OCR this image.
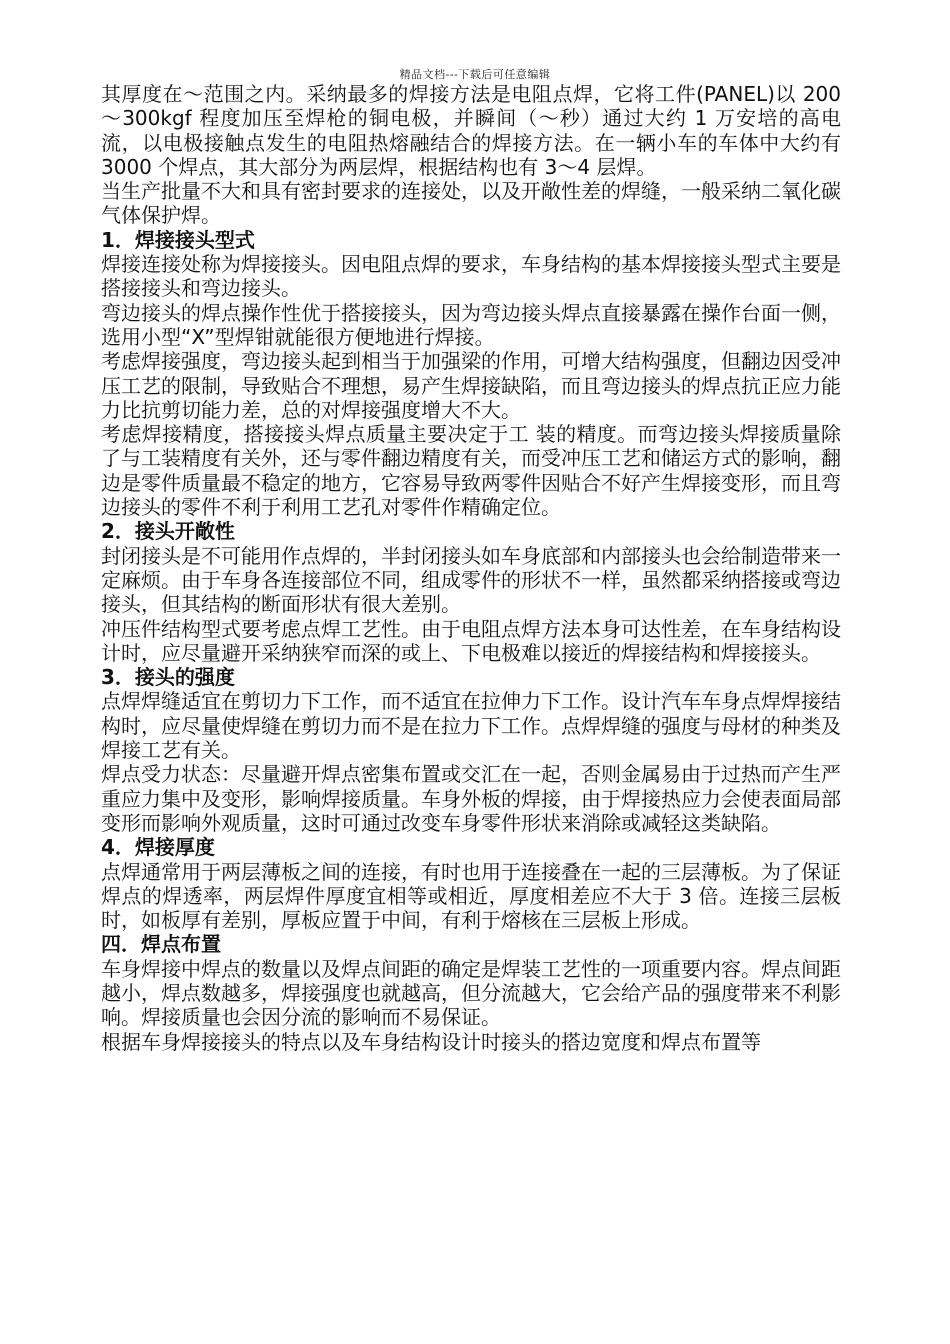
精品文档---下载后可任意编辑

其厚度在～范围之内。采纳最多的焊接方法是电阻点焊，它将工件(PANEL)以 200～300kgf 程度加压至焊枪的铜电极，并瞬间（～秒）通过大约 1 万安培的高电流，以电极接触点发生的电阻热熔融结合的焊接方法。在一辆小车的车体中大约有 3000 个焊点，其大部分为两层焊，根据结构也有 3～4 层焊。

当生产批量不大和具有密封要求的连接处，以及开敞性差的焊缝，一般采纳二氧化碳气体保护焊。

1．焊接接头型式

焊接连接处称为焊接接头。因电阻点焊的要求，车身结构的基本焊接接头型式主要是搭接接头和弯边接头。

弯边接头的焊点操作性优于搭接接头，因为弯边接头焊点直接暴露在操作台面一侧，选用小型“X”型焊钳就能很方便地进行焊接。

考虑焊接强度，弯边接头起到相当于加强梁的作用，可增大结构强度，但翻边因受冲压工艺的限制，导致贴合不理想，易产生焊接缺陷，而且弯边接头的焊点抗正应力能力比抗剪切能力差，总的对焊接强度增大不大。

考虑焊接精度，搭接接头焊点质量主要决定于工 装的精度。而弯边接头焊接质量除了与工装精度有关外，还与零件翻边精度有关，而受冲压工艺和储运方式的影响，翻边是零件质量最不稳定的地方，它容易导致两零件因贴合不好产生焊接变形，而且弯边接头的零件不利于利用工艺孔对零件作精确定位。

2．接头开敞性

封闭接头是不可能用作点焊的，半封闭接头如车身底部和内部接头也会给制造带来一定麻烦。由于车身各连接部位不同，组成零件的形状不一样，虽然都采纳搭接或弯边接头，但其结构的断面形状有很大差别。

冲压件结构型式要考虑点焊工艺性。由于电阻点焊方法本身可达性差，在车身结构设计时，应尽量避开采纳狭窄而深的或上、下电极难以接近的焊接结构和焊接接头。

3．接头的强度

点焊焊缝适宜在剪切力下工作，而不适宜在拉伸力下工作。设计汽车车身点焊焊接结构时，应尽量使焊缝在剪切力而不是在拉力下工作。点焊焊缝的强度与母材的种类及焊接工艺有关。

焊点受力状态：尽量避开焊点密集布置或交汇在一起，否则金属易由于过热而产生严重应力集中及变形，影响焊接质量。车身外板的焊接，由于焊接热应力会使表面局部变形而影响外观质量，这时可通过改变车身零件形状来消除或减轻这类缺陷。

4．焊接厚度

点焊通常用于两层薄板之间的连接，有时也用于连接叠在一起的三层薄板。为了保证焊点的焊透率，两层焊件厚度宜相等或相近，厚度相差应不大于 3 倍。连接三层板时，如板厚有差别，厚板应置于中间，有利于熔核在三层板上形成。

四．焊点布置

车身焊接中焊点的数量以及焊点间距的确定是焊装工艺性的一项重要内容。焊点间距越小，焊点数越多，焊接强度也就越高，但分流越大，它会给产品的强度带来不利影响。焊接质量也会因分流的影响而不易保证。

根据车身焊接接头的特点以及车身结构设计时接头的搭边宽度和焊点布置等
